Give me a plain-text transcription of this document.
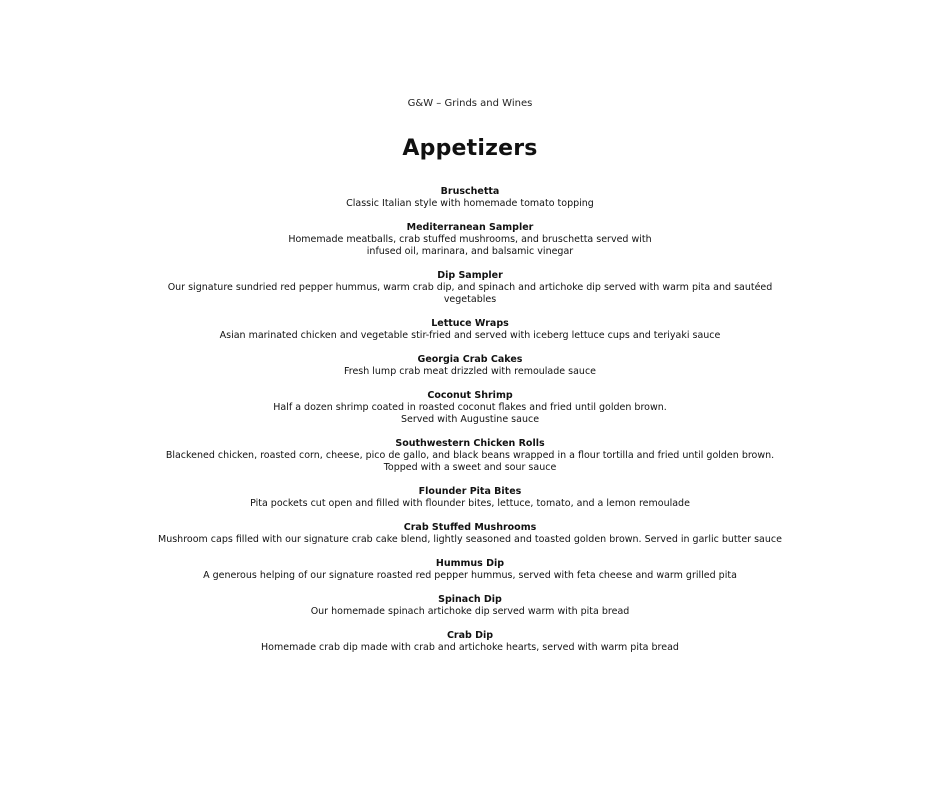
G&W – Grinds and Wines
Appetizers
Bruschetta
Classic Italian style with homemade tomato topping
Mediterranean Sampler
Homemade meatballs, crab stuffed mushrooms, and bruschetta served with
infused oil, marinara, and balsamic vinegar
Dip Sampler
Our signature sundried red pepper hummus, warm crab dip, and spinach and artichoke dip served with warm pita and sautéed
vegetables
Lettuce Wraps
Asian marinated chicken and vegetable stir-fried and served with iceberg lettuce cups and teriyaki sauce
Georgia Crab Cakes
Fresh lump crab meat drizzled with remoulade sauce
Coconut Shrimp
Half a dozen shrimp coated in roasted coconut flakes and fried until golden brown.
Served with Augustine sauce
Southwestern Chicken Rolls
Blackened chicken, roasted corn, cheese, pico de gallo, and black beans wrapped in a flour tortilla and fried until golden brown.
Topped with a sweet and sour sauce
Flounder Pita Bites
Pita pockets cut open and filled with flounder bites, lettuce, tomato, and a lemon remoulade
Crab Stuffed Mushrooms
Mushroom caps filled with our signature crab cake blend, lightly seasoned and toasted golden brown. Served in garlic butter sauce
Hummus Dip
A generous helping of our signature roasted red pepper hummus, served with feta cheese and warm grilled pita
Spinach Dip
Our homemade spinach artichoke dip served warm with pita bread
Crab Dip
Homemade crab dip made with crab and artichoke hearts, served with warm pita bread
